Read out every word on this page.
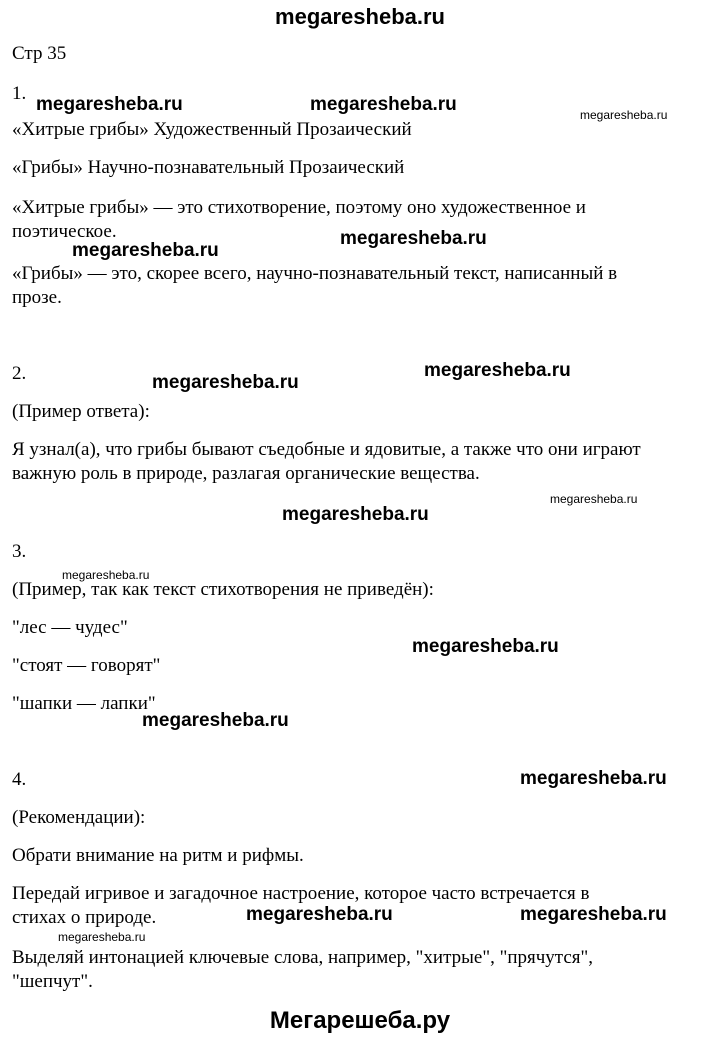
megaresheba.ru
Стр 35
1.
«Хитрые грибы» Художественный Прозаический
«Грибы» Научно-познавательный Прозаический
«Хитрые грибы» — это стихотворение, поэтому оно художественное и
поэтическое.
«Грибы» — это, скорее всего, научно-познавательный текст, написанный в
прозе.
2.
(Пример ответа):
Я узнал(а), что грибы бывают съедобные и ядовитые, а также что они играют
важную роль в природе, разлагая органические вещества.
3.
(Пример, так как текст стихотворения не приведён):
"лес — чудес"
"стоят — говорят"
"шапки — лапки"
4.
(Рекомендации):
Обрати внимание на ритм и рифмы.
Передай игривое и загадочное настроение, которое часто встречается в
стихах о природе.
Выделяй интонацией ключевые слова, например, "хитрые", "прячутся",
"шепчут".
megaresheba.ru	megaresheba.ru
megaresheba.ru
megaresheba.ru
megaresheba.ru
megaresheba.ru
megaresheba.ru
megaresheba.ru
megaresheba.ru
megaresheba.ru
megaresheba.ru	megaresheba.ru
megaresheba.ru
megaresheba.ru
megaresheba.ru
megaresheba.ru
Мегарешеба.ру
